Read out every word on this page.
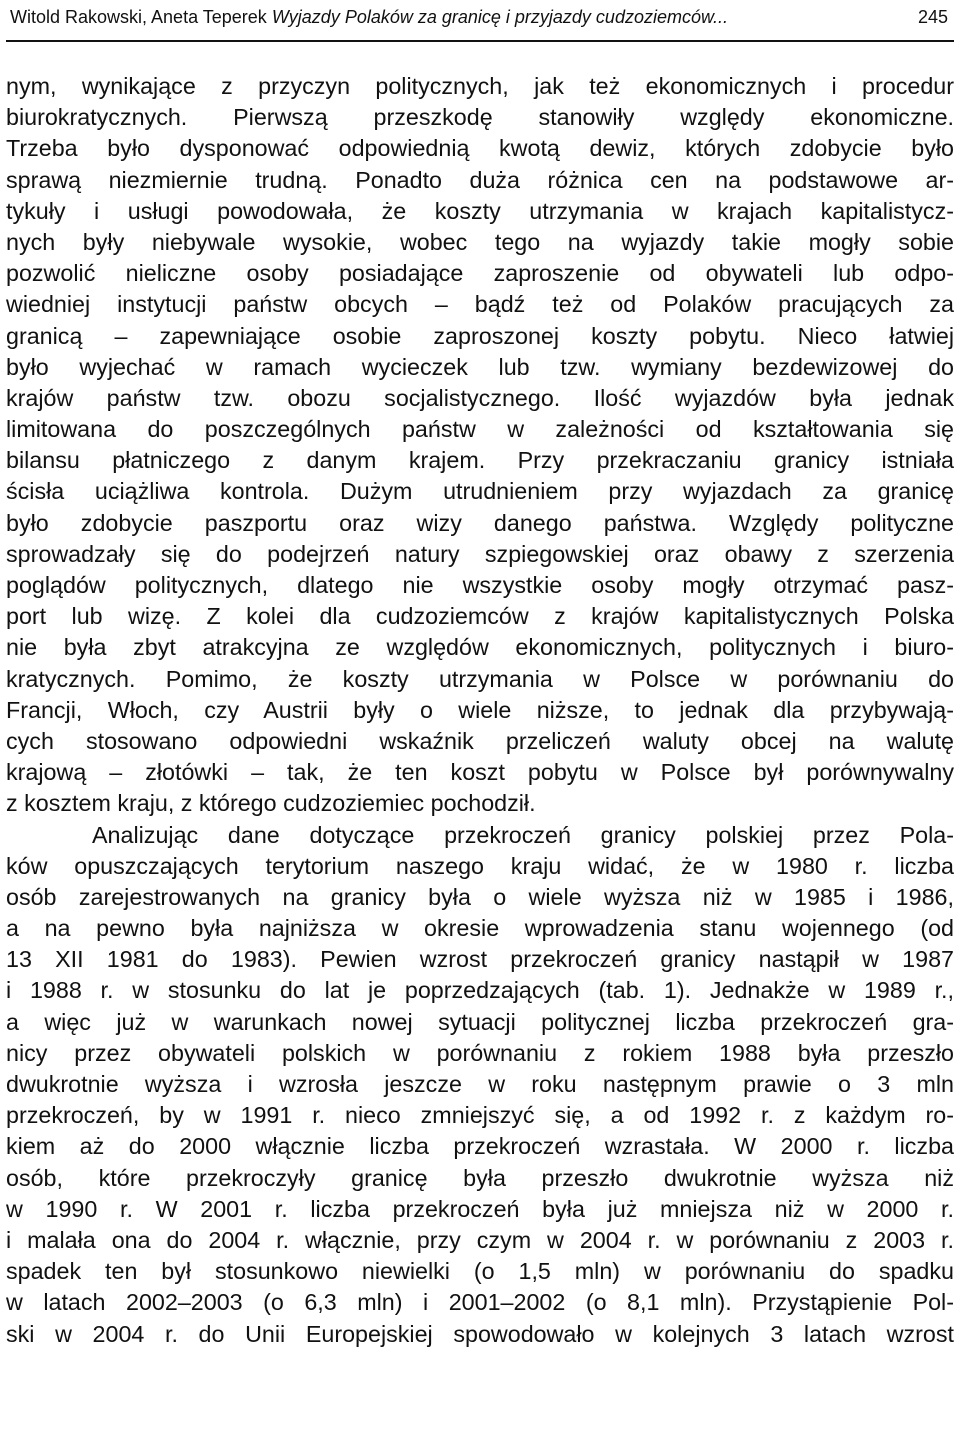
Witold Rakowski, Aneta Teperek Wyjazdy Polaków za granicę i przyjazdy cudzoziemców...	245
nym, wynikające z przyczyn politycznych, jak też ekonomicznych i procedur
biurokratycznych. Pierwszą przeszkodę stanowiły względy ekonomiczne.
Trzeba było dysponować odpowiednią kwotą dewiz, których zdobycie było
sprawą niezmiernie trudną. Ponadto duża różnica cen na podstawowe ar-
tykuły i usługi powodowała, że koszty utrzymania w krajach kapitalistycz-
nych były niebywale wysokie, wobec tego na wyjazdy takie mogły sobie
pozwolić nieliczne osoby posiadające zaproszenie od obywateli lub odpo-
wiedniej instytucji państw obcych – bądź też od Polaków pracujących za
granicą – zapewniające osobie zaproszonej koszty pobytu. Nieco łatwiej
było wyjechać w ramach wycieczek lub tzw. wymiany bezdewizowej do
krajów państw tzw. obozu socjalistycznego. Ilość wyjazdów była jednak
limitowana do poszczególnych państw w zależności od kształtowania się
bilansu płatniczego z danym krajem. Przy przekraczaniu granicy istniała
ścisła uciążliwa kontrola. Dużym utrudnieniem przy wyjazdach za granicę
było zdobycie paszportu oraz wizy danego państwa. Względy polityczne
sprowadzały się do podejrzeń natury szpiegowskiej oraz obawy z szerzenia
poglądów politycznych, dlatego nie wszystkie osoby mogły otrzymać pasz-
port lub wizę. Z kolei dla cudzoziemców z krajów kapitalistycznych Polska
nie była zbyt atrakcyjna ze względów ekonomicznych, politycznych i biuro-
kratycznych. Pomimo, że koszty utrzymania w Polsce w porównaniu do
Francji, Włoch, czy Austrii były o wiele niższe, to jednak dla przybywają-
cych stosowano odpowiedni wskaźnik przeliczeń waluty obcej na walutę
krajową – złotówki – tak, że ten koszt pobytu w Polsce był porównywalny
z kosztem kraju, z którego cudzoziemiec pochodził.
Analizując dane dotyczące przekroczeń granicy polskiej przez Pola-
ków opuszczających terytorium naszego kraju widać, że w 1980 r. liczba
osób zarejestrowanych na granicy była o wiele wyższa niż w 1985 i 1986,
a na pewno była najniższa w okresie wprowadzenia stanu wojennego (od
13 XII 1981 do 1983). Pewien wzrost przekroczeń granicy nastąpił w 1987
i 1988 r. w stosunku do lat je poprzedzających (tab. 1). Jednakże w 1989 r.,
a więc już w warunkach nowej sytuacji politycznej liczba przekroczeń gra-
nicy przez obywateli polskich w porównaniu z rokiem 1988 była przeszło
dwukrotnie wyższa i wzrosła jeszcze w roku następnym prawie o 3 mln
przekroczeń, by w 1991 r. nieco zmniejszyć się, a od 1992 r. z każdym ro-
kiem aż do 2000 włącznie liczba przekroczeń wzrastała. W 2000 r. liczba
osób, które przekroczyły granicę była przeszło dwukrotnie wyższa niż
w 1990 r. W 2001 r. liczba przekroczeń była już mniejsza niż w 2000 r.
i malała ona do 2004 r. włącznie, przy czym w 2004 r. w porównaniu z 2003 r.
spadek ten był stosunkowo niewielki (o 1,5 mln) w porównaniu do spadku
w latach 2002–2003 (o 6,3 mln) i 2001–2002 (o 8,1 mln). Przystąpienie Pol-
ski w 2004 r. do Unii Europejskiej spowodowało w kolejnych 3 latach wzrost
